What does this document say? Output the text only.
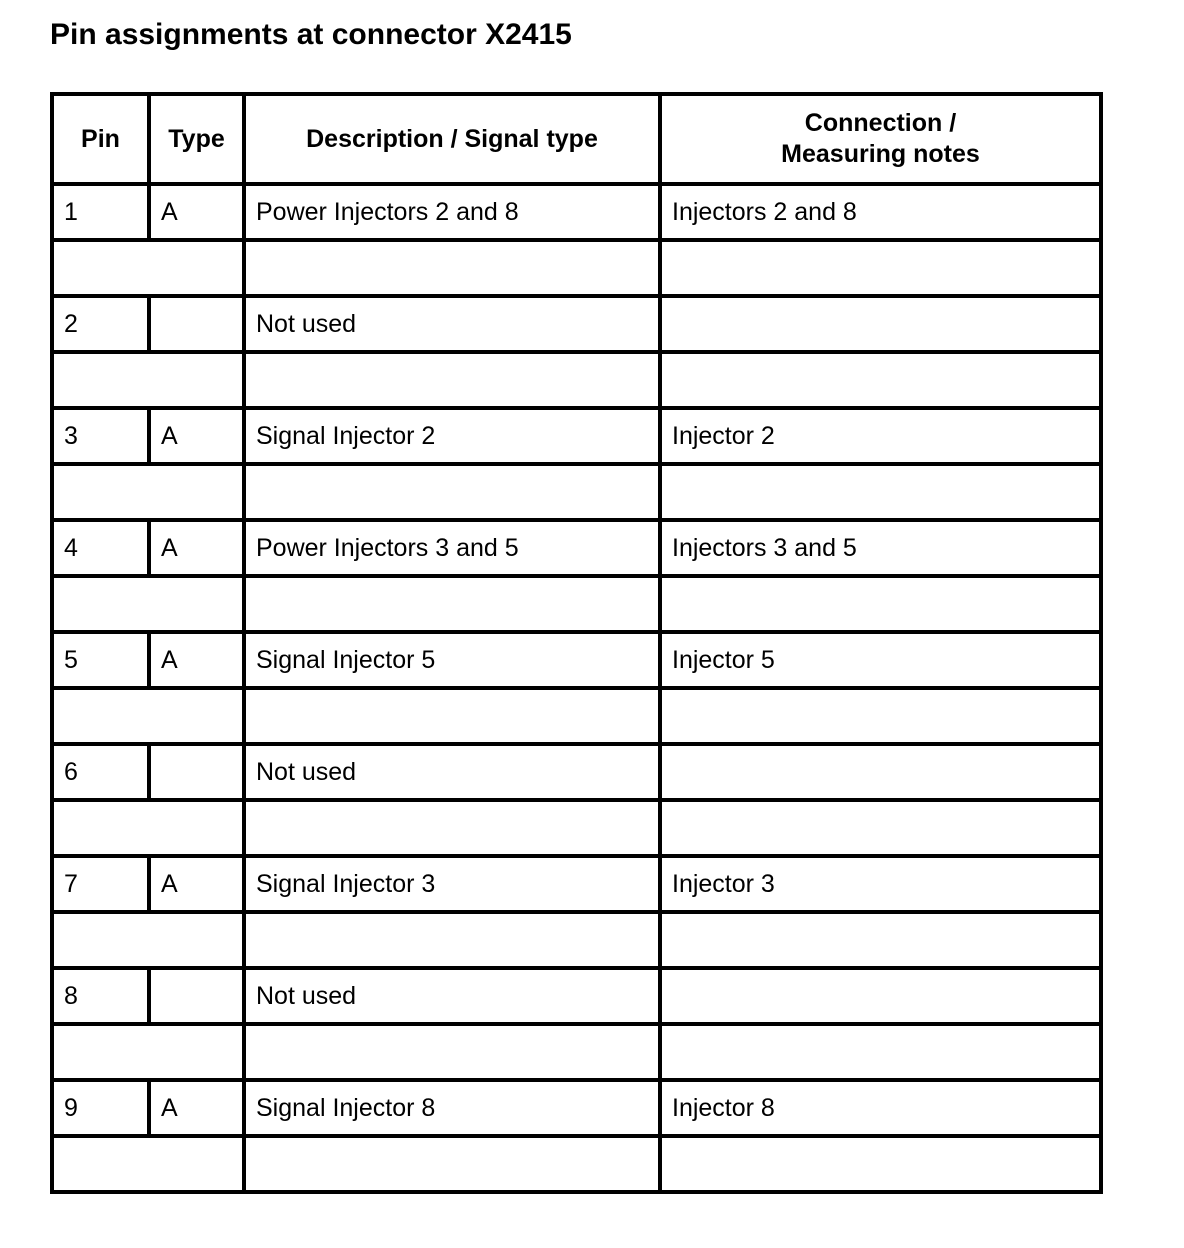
Pin assignments at connector X2415
Pin	Type	Description / Signal type	Connection /
Measuring notes
1	A	Power Injectors 2 and 8	Injectors 2 and 8

2		Not used	

3	A	Signal Injector 2	Injector 2

4	A	Power Injectors 3 and 5	Injectors 3 and 5

5	A	Signal Injector 5	Injector 5

6		Not used	

7	A	Signal Injector 3	Injector 3

8		Not used	

9	A	Signal Injector 8	Injector 8
